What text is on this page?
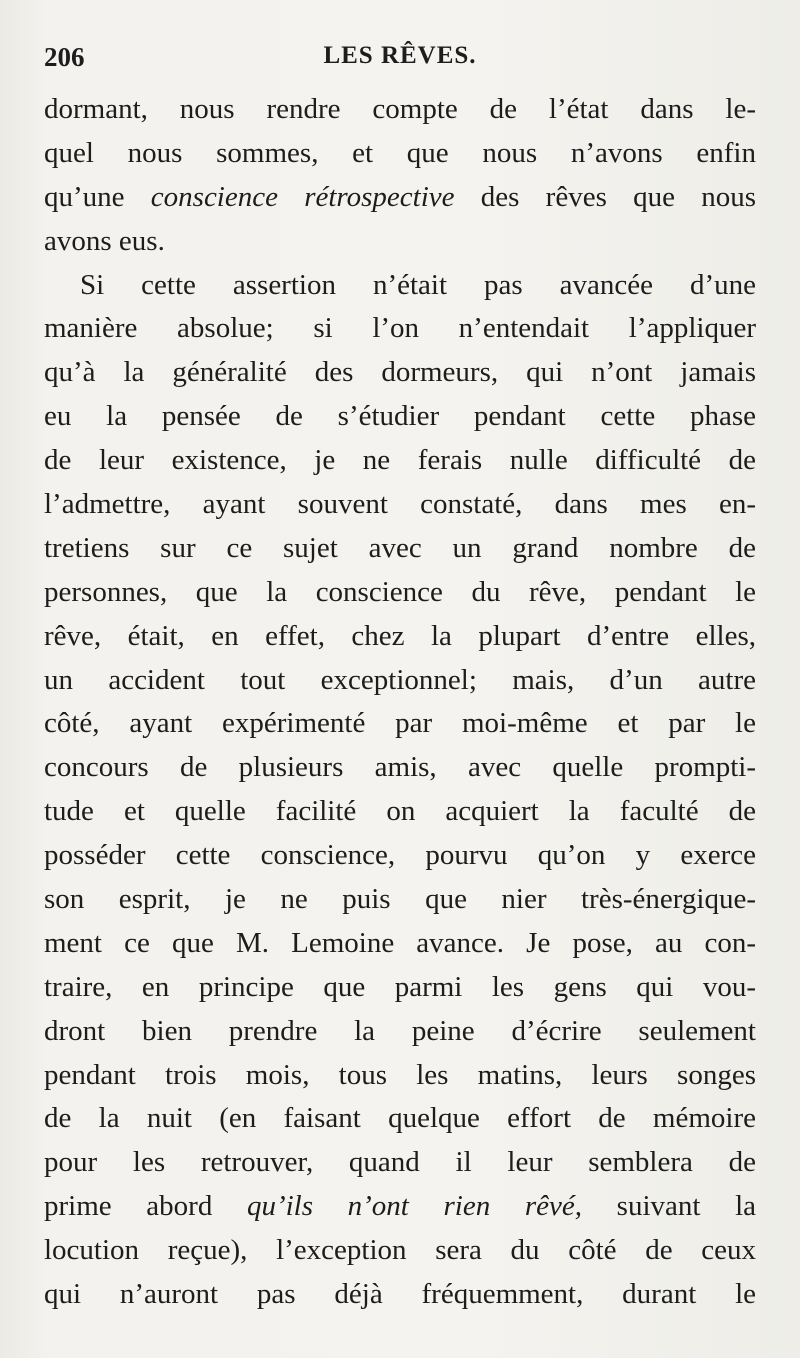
206	LES RÊVES.
dormant, nous rendre compte de l’état dans le-
quel nous sommes, et que nous n’avons enfin
qu’une conscience rétrospective des rêves que nous
avons eus.
Si cette assertion n’était pas avancée d’une
manière absolue; si l’on n’entendait l’appliquer
qu’à la généralité des dormeurs, qui n’ont jamais
eu la pensée de s’étudier pendant cette phase
de leur existence, je ne ferais nulle difficulté de
l’admettre, ayant souvent constaté, dans mes en-
tretiens sur ce sujet avec un grand nombre de
personnes, que la conscience du rêve, pendant le
rêve, était, en effet, chez la plupart d’entre elles,
un accident tout exceptionnel; mais, d’un autre
côté, ayant expérimenté par moi-même et par le
concours de plusieurs amis, avec quelle prompti-
tude et quelle facilité on acquiert la faculté de
posséder cette conscience, pourvu qu’on y exerce
son esprit, je ne puis que nier très-énergique-
ment ce que M. Lemoine avance. Je pose, au con-
traire, en principe que parmi les gens qui vou-
dront bien prendre la peine d’écrire seulement
pendant trois mois, tous les matins, leurs songes
de la nuit (en faisant quelque effort de mémoire
pour les retrouver, quand il leur semblera de
prime abord qu’ils n’ont rien rêvé, suivant la
locution reçue), l’exception sera du côté de ceux
qui n’auront pas déjà fréquemment, durant le
